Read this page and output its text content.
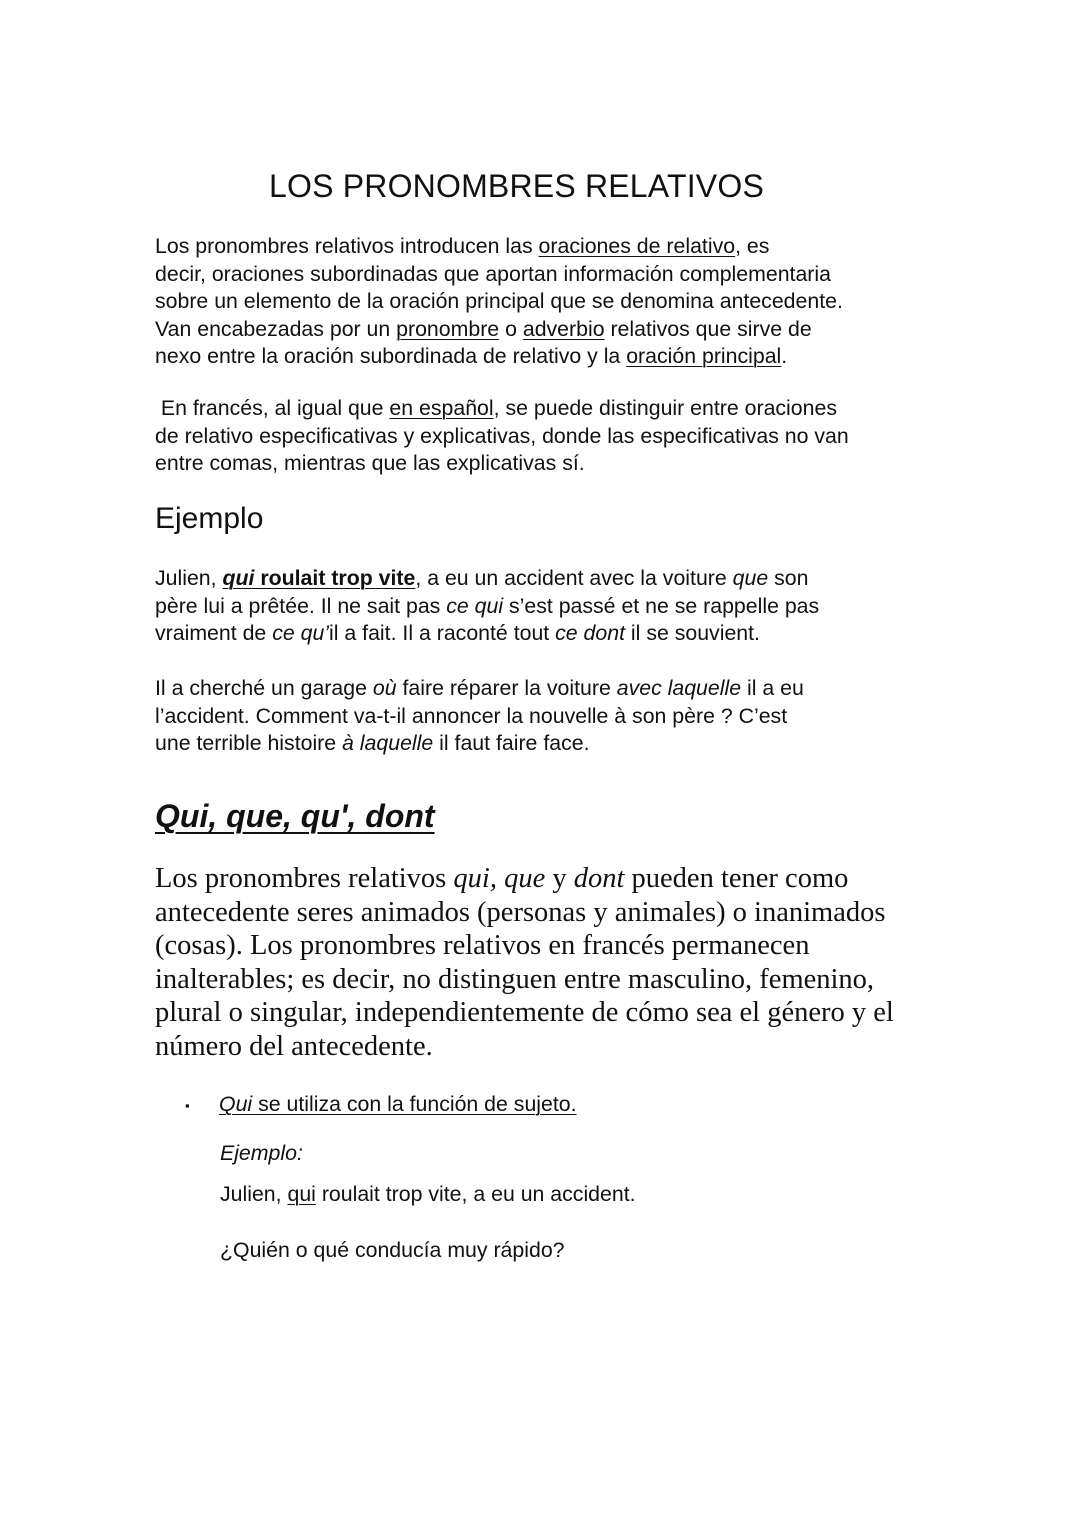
LOS PRONOMBRES RELATIVOS
Los pronombres relativos introducen las oraciones de relativo, es
decir, oraciones subordinadas que aportan información complementaria
sobre un elemento de la oración principal que se denomina antecedente.
Van encabezadas por un pronombre o adverbio relativos que sirve de
nexo entre la oración subordinada de relativo y la oración principal.
En francés, al igual que en español, se puede distinguir entre oraciones
de relativo especificativas y explicativas, donde las especificativas no van
entre comas, mientras que las explicativas sí.
Ejemplo
Julien, qui roulait trop vite, a eu un accident avec la voiture que son
père lui a prêtée. Il ne sait pas ce qui s’est passé et ne se rappelle pas
vraiment de ce qu’il a fait. Il a raconté tout ce dont il se souvient.
Il a cherché un garage où faire réparer la voiture avec laquelle il a eu
l’accident. Comment va-t-il annoncer la nouvelle à son père ? C’est
une terrible histoire à laquelle il faut faire face.
Qui, que, qu', dont
Los pronombres relativos qui, que y dont pueden tener como
antecedente seres animados (personas y animales) o inanimados
(cosas). Los pronombres relativos en francés permanecen
inalterables; es decir, no distinguen entre masculino, femenino,
plural o singular, independientemente de cómo sea el género y el
número del antecedente.
▪ Qui se utiliza con la función de sujeto.
Ejemplo:
Julien, qui roulait trop vite, a eu un accident.
¿Quién o qué conducía muy rápido?
